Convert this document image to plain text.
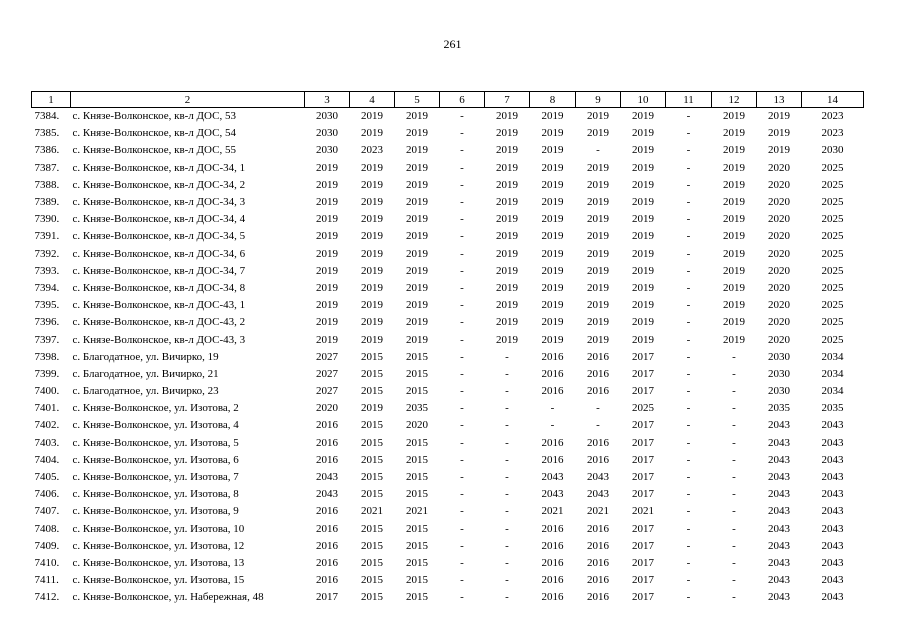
261
1	2	3	4	5	6	7	8	9	10	11	12	13	14
7384.	с. Князе-Волконское, кв-л ДОС, 53	2030	2019	2019	-	2019	2019	2019	2019	-	2019	2019	2023
7385.	с. Князе-Волконское, кв-л ДОС, 54	2030	2019	2019	-	2019	2019	2019	2019	-	2019	2019	2023
7386.	с. Князе-Волконское, кв-л ДОС, 55	2030	2023	2019	-	2019	2019	-	2019	-	2019	2019	2030
7387.	с. Князе-Волконское, кв-л ДОС-34, 1	2019	2019	2019	-	2019	2019	2019	2019	-	2019	2020	2025
7388.	с. Князе-Волконское, кв-л ДОС-34, 2	2019	2019	2019	-	2019	2019	2019	2019	-	2019	2020	2025
7389.	с. Князе-Волконское, кв-л ДОС-34, 3	2019	2019	2019	-	2019	2019	2019	2019	-	2019	2020	2025
7390.	с. Князе-Волконское, кв-л ДОС-34, 4	2019	2019	2019	-	2019	2019	2019	2019	-	2019	2020	2025
7391.	с. Князе-Волконское, кв-л ДОС-34, 5	2019	2019	2019	-	2019	2019	2019	2019	-	2019	2020	2025
7392.	с. Князе-Волконское, кв-л ДОС-34, 6	2019	2019	2019	-	2019	2019	2019	2019	-	2019	2020	2025
7393.	с. Князе-Волконское, кв-л ДОС-34, 7	2019	2019	2019	-	2019	2019	2019	2019	-	2019	2020	2025
7394.	с. Князе-Волконское, кв-л ДОС-34, 8	2019	2019	2019	-	2019	2019	2019	2019	-	2019	2020	2025
7395.	с. Князе-Волконское, кв-л ДОС-43, 1	2019	2019	2019	-	2019	2019	2019	2019	-	2019	2020	2025
7396.	с. Князе-Волконское, кв-л ДОС-43, 2	2019	2019	2019	-	2019	2019	2019	2019	-	2019	2020	2025
7397.	с. Князе-Волконское, кв-л ДОС-43, 3	2019	2019	2019	-	2019	2019	2019	2019	-	2019	2020	2025
7398.	с. Благодатное, ул. Вичирко, 19	2027	2015	2015	-	-	2016	2016	2017	-	-	2030	2034
7399.	с. Благодатное, ул. Вичирко, 21	2027	2015	2015	-	-	2016	2016	2017	-	-	2030	2034
7400.	с. Благодатное, ул. Вичирко, 23	2027	2015	2015	-	-	2016	2016	2017	-	-	2030	2034
7401.	с. Князе-Волконское, ул. Изотова, 2	2020	2019	2035	-	-	-	-	2025	-	-	2035	2035
7402.	с. Князе-Волконское, ул. Изотова, 4	2016	2015	2020	-	-	-	-	2017	-	-	2043	2043
7403.	с. Князе-Волконское, ул. Изотова, 5	2016	2015	2015	-	-	2016	2016	2017	-	-	2043	2043
7404.	с. Князе-Волконское, ул. Изотова, 6	2016	2015	2015	-	-	2016	2016	2017	-	-	2043	2043
7405.	с. Князе-Волконское, ул. Изотова, 7	2043	2015	2015	-	-	2043	2043	2017	-	-	2043	2043
7406.	с. Князе-Волконское, ул. Изотова, 8	2043	2015	2015	-	-	2043	2043	2017	-	-	2043	2043
7407.	с. Князе-Волконское, ул. Изотова, 9	2016	2021	2021	-	-	2021	2021	2021	-	-	2043	2043
7408.	с. Князе-Волконское, ул. Изотова, 10	2016	2015	2015	-	-	2016	2016	2017	-	-	2043	2043
7409.	с. Князе-Волконское, ул. Изотова, 12	2016	2015	2015	-	-	2016	2016	2017	-	-	2043	2043
7410.	с. Князе-Волконское, ул. Изотова, 13	2016	2015	2015	-	-	2016	2016	2017	-	-	2043	2043
7411.	с. Князе-Волконское, ул. Изотова, 15	2016	2015	2015	-	-	2016	2016	2017	-	-	2043	2043
7412.	с. Князе-Волконское, ул. Набережная, 48	2017	2015	2015	-	-	2016	2016	2017	-	-	2043	2043
